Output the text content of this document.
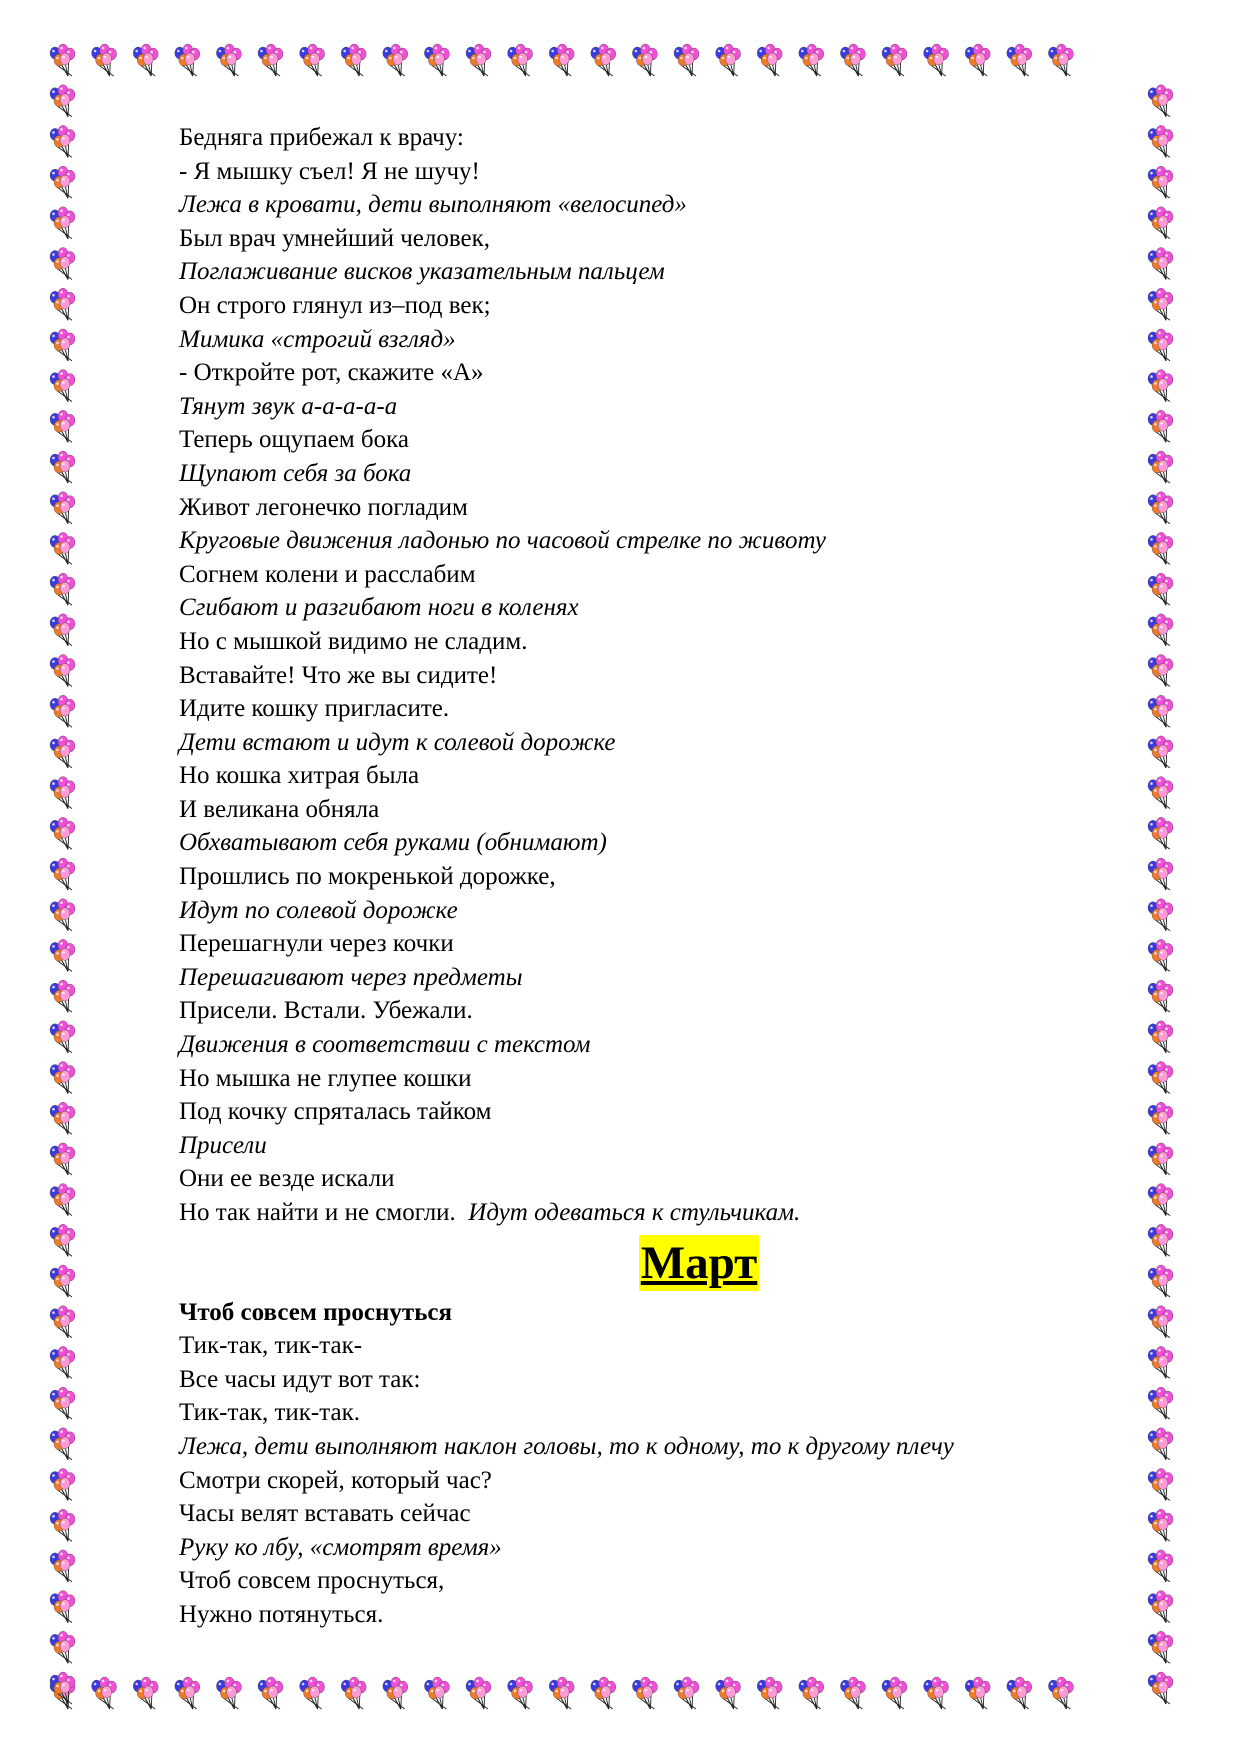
Бедняга прибежал к врачу:
- Я мышку съел! Я не шучу!
Лежа в кровати, дети выполняют «велосипед»
Был врач умнейший человек,
Поглаживание висков указательным пальцем
Он строго глянул из–под век;
Мимика «строгий взгляд»
- Откройте рот, скажите «А»
Тянут звук а-а-а-а-а
Теперь ощупаем бока
Щупают себя за бока
Живот легонечко погладим
Круговые движения ладонью по часовой стрелке по животу
Согнем колени и расслабим
Сгибают и разгибают ноги в коленях
Но с мышкой видимо не сладим.
Вставайте! Что же вы сидите!
Идите кошку пригласите.
Дети встают и идут к солевой дорожке
Но кошка хитрая была
И великана обняла
Обхватывают себя руками (обнимают)
Прошлись по мокренькой дорожке,
Идут по солевой дорожке
Перешагнули через кочки
Перешагивают через предметы
Присели. Встали. Убежали.
Движения в соответствии с текстом
Но мышка не глупее кошки
Под кочку спряталась тайком
Присели
Они ее везде искали
Но так найти и не смогли. Идут одеваться к стульчикам.
Март
Чтоб совсем проснуться
Тик-так, тик-так-
Все часы идут вот так:
Тик-так, тик-так.
Лежа, дети выполняют наклон головы, то к одному, то к другому плечу
Смотри скорей, который час?
Часы велят вставать сейчас
Руку ко лбу, «смотрят время»
Чтоб совсем проснуться,
Нужно потянуться.
